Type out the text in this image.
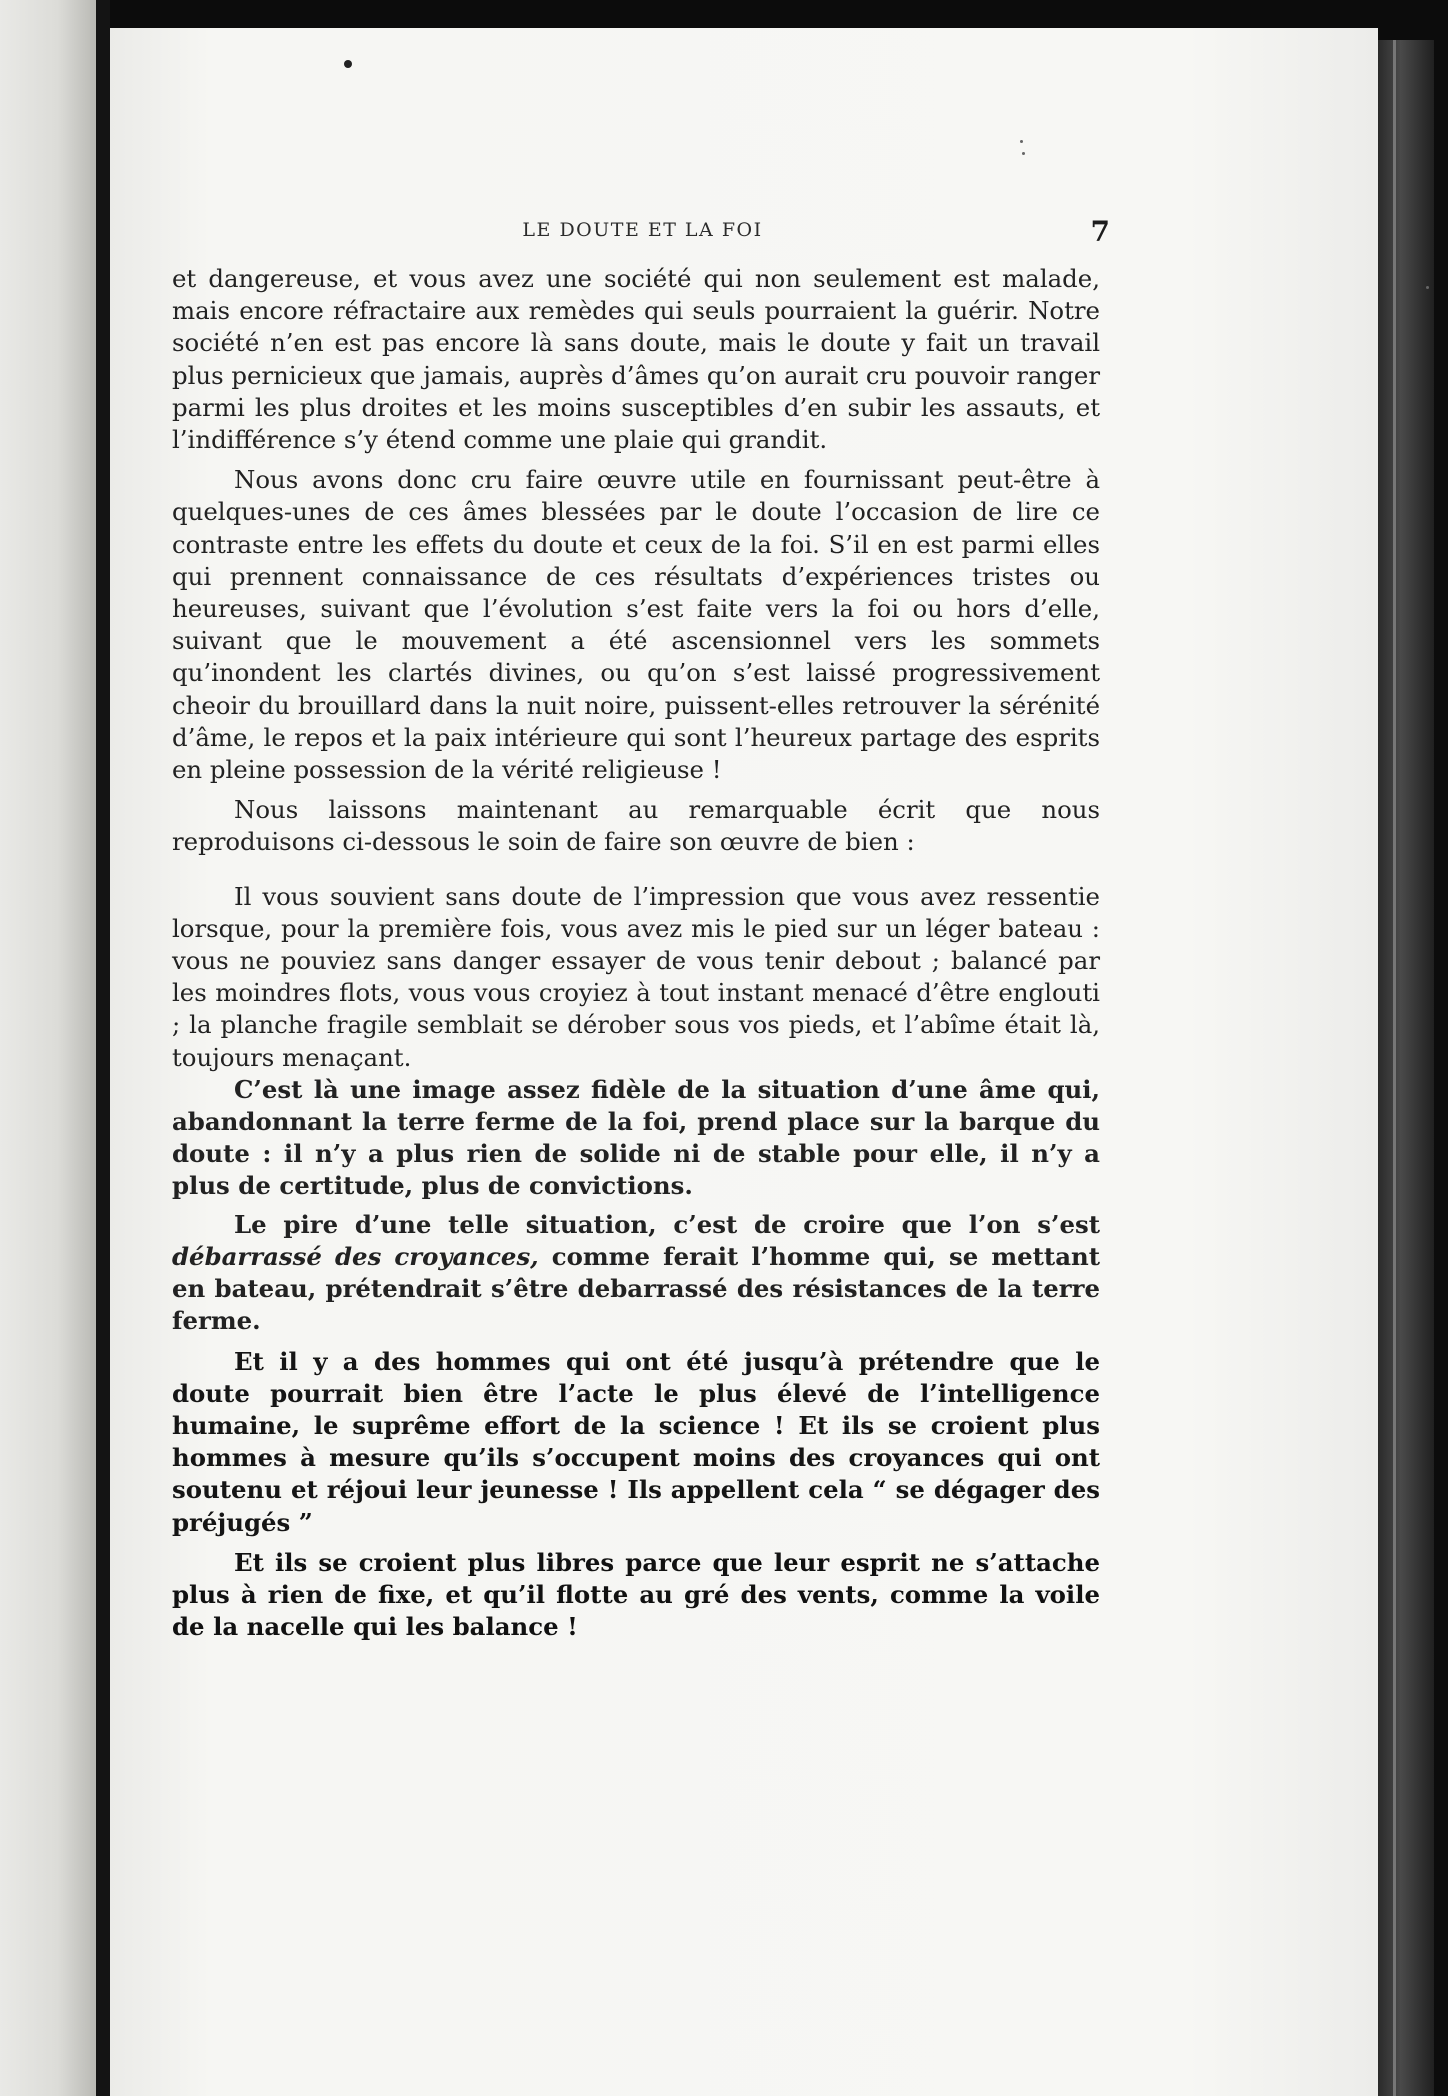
LE DOUTE ET LA FOI	7

et dangereuse, et vous avez une société qui non seulement est malade, mais encore réfractaire aux remèdes qui seuls pourraient la guérir. Notre société n’en est pas encore là sans doute, mais le doute y fait un travail plus pernicieux que jamais, auprès d’âmes qu’on aurait cru pouvoir ranger parmi les plus droites et les moins susceptibles d’en subir les assauts, et l’indifférence s’y étend comme une plaie qui grandit.

Nous avons donc cru faire œuvre utile en fournissant peut-être à quelques-unes de ces âmes blessées par le doute l’occasion de lire ce contraste entre les effets du doute et ceux de la foi. S’il en est parmi elles qui prennent connaissance de ces résultats d’expériences tristes ou heureuses, suivant que l’évolution s’est faite vers la foi ou hors d’elle, suivant que le mouvement a été ascensionnel vers les sommets qu’inondent les clartés divines, ou qu’on s’est laissé progressivement cheoir du brouillard dans la nuit noire, puissent-elles retrouver la sérénité d’âme, le repos et la paix intérieure qui sont l’heureux partage des esprits en pleine possession de la vérité religieuse !

Nous laissons maintenant au remarquable écrit que nous reproduisons ci-dessous le soin de faire son œuvre de bien :

Il vous souvient sans doute de l’impression que vous avez ressentie lorsque, pour la première fois, vous avez mis le pied sur un léger bateau : vous ne pouviez sans danger essayer de vous tenir debout ; balancé par les moindres flots, vous vous croyiez à tout instant menacé d’être englouti ; la planche fragile semblait se dérober sous vos pieds, et l’abîme était là, toujours menaçant.

C’est là une image assez fidèle de la situation d’une âme qui, abandonnant la terre ferme de la foi, prend place sur la barque du doute : il n’y a plus rien de solide ni de stable pour elle, il n’y a plus de certitude, plus de convictions.

Le pire d’une telle situation, c’est de croire que l’on s’est débarrassé des croyances, comme ferait l’homme qui, se mettant en bateau, prétendrait s’être debarrassé des résistances de la terre ferme.

Et il y a des hommes qui ont été jusqu’à prétendre que le doute pourrait bien être l’acte le plus élevé de l’intelligence humaine, le suprême effort de la science ! Et ils se croient plus hommes à mesure qu’ils s’occupent moins des croyances qui ont soutenu et réjoui leur jeunesse ! Ils appellent cela “ se dégager des préjugés ”

Et ils se croient plus libres parce que leur esprit ne s’attache plus à rien de fixe, et qu’il flotte au gré des vents, comme la voile de la nacelle qui les balance !
